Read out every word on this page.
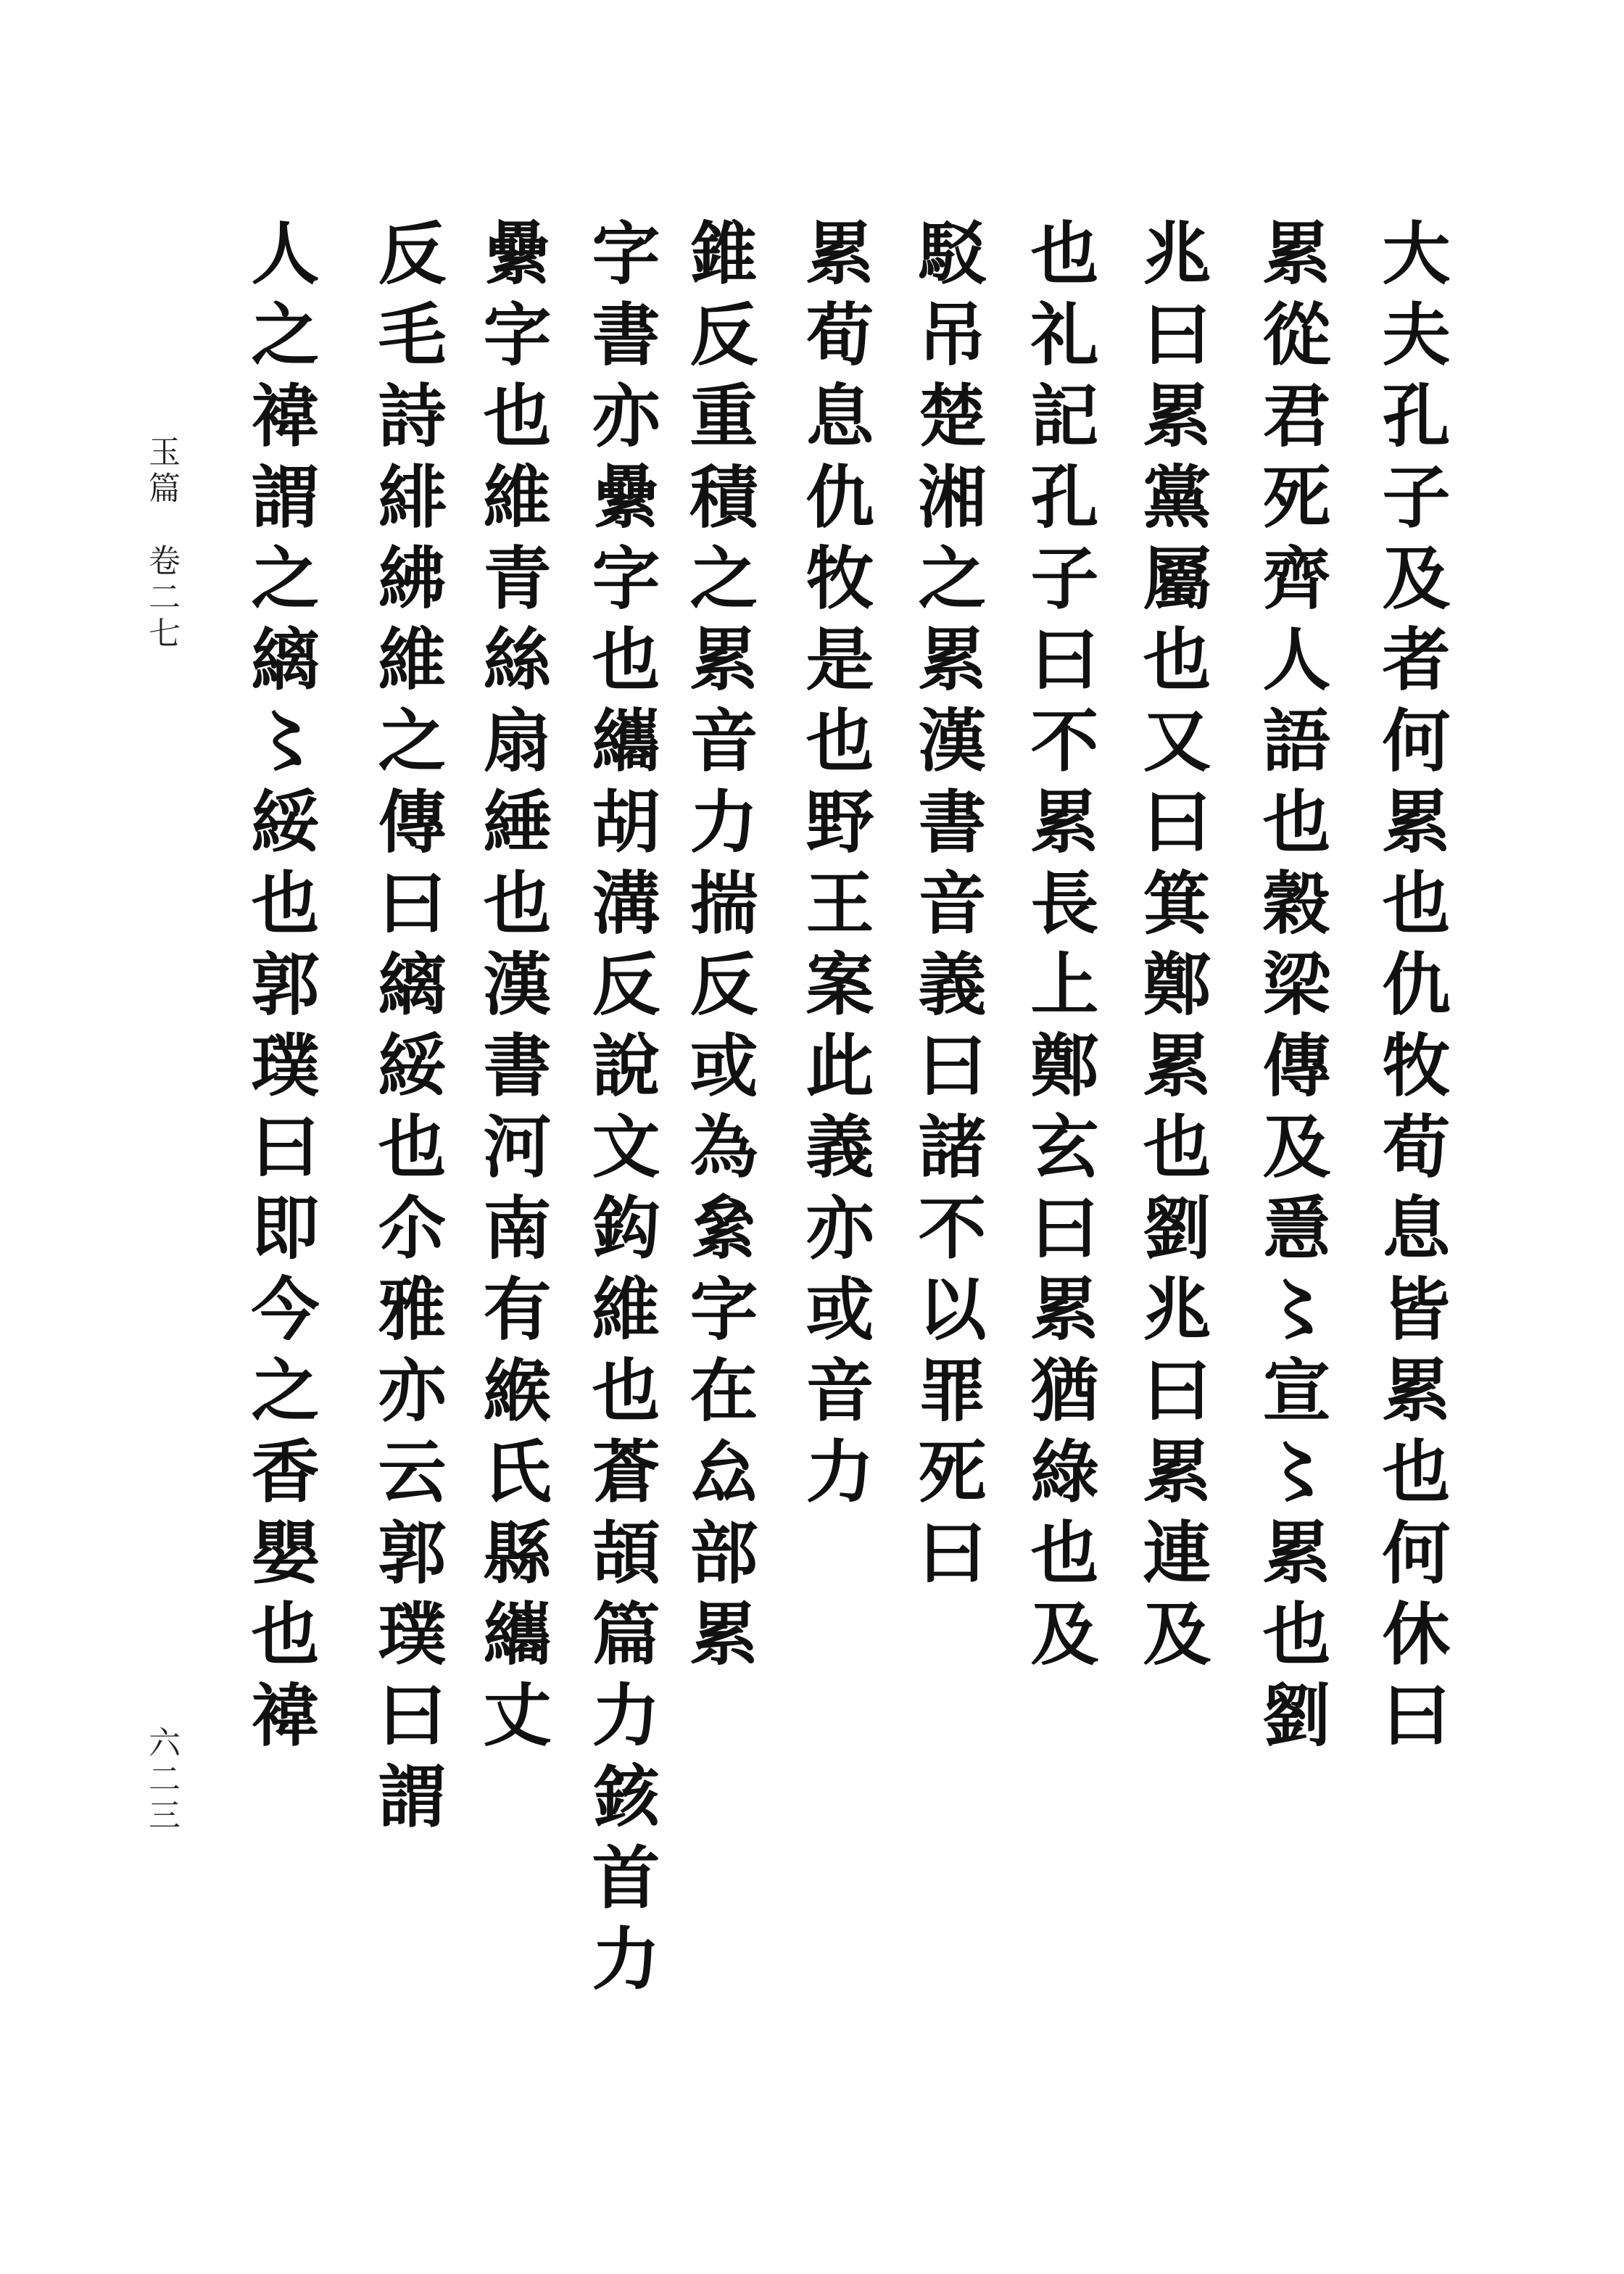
大夫孔子及者何累也仇牧荀息皆累也何休曰
累從君死齊人語也穀梁傳及㥯〻宣〻累也劉
兆曰累黨屬也又曰箕鄭累也劉兆曰累連及
也礼記孔子曰不累長上鄭玄曰累猶綠也及
駁吊楚湘之累漢書音義曰諸不以罪死曰
累荀息仇牧是也野王案此義亦或音力
錐反重積之累音力揣反或為絫字在厽部累
字書亦纍字也纗胡溝反說文鈎維也蒼頡篇力䤤首力
纍字也維青絲扇綞也漢書河南有緱氏縣纗丈
反毛詩緋紼維之傳曰縭綏也尒雅亦云郭璞曰謂
人之褘謂之縭〻綏也郭璞曰即今之香嬰也褘
玉篇　卷二七
六二三
